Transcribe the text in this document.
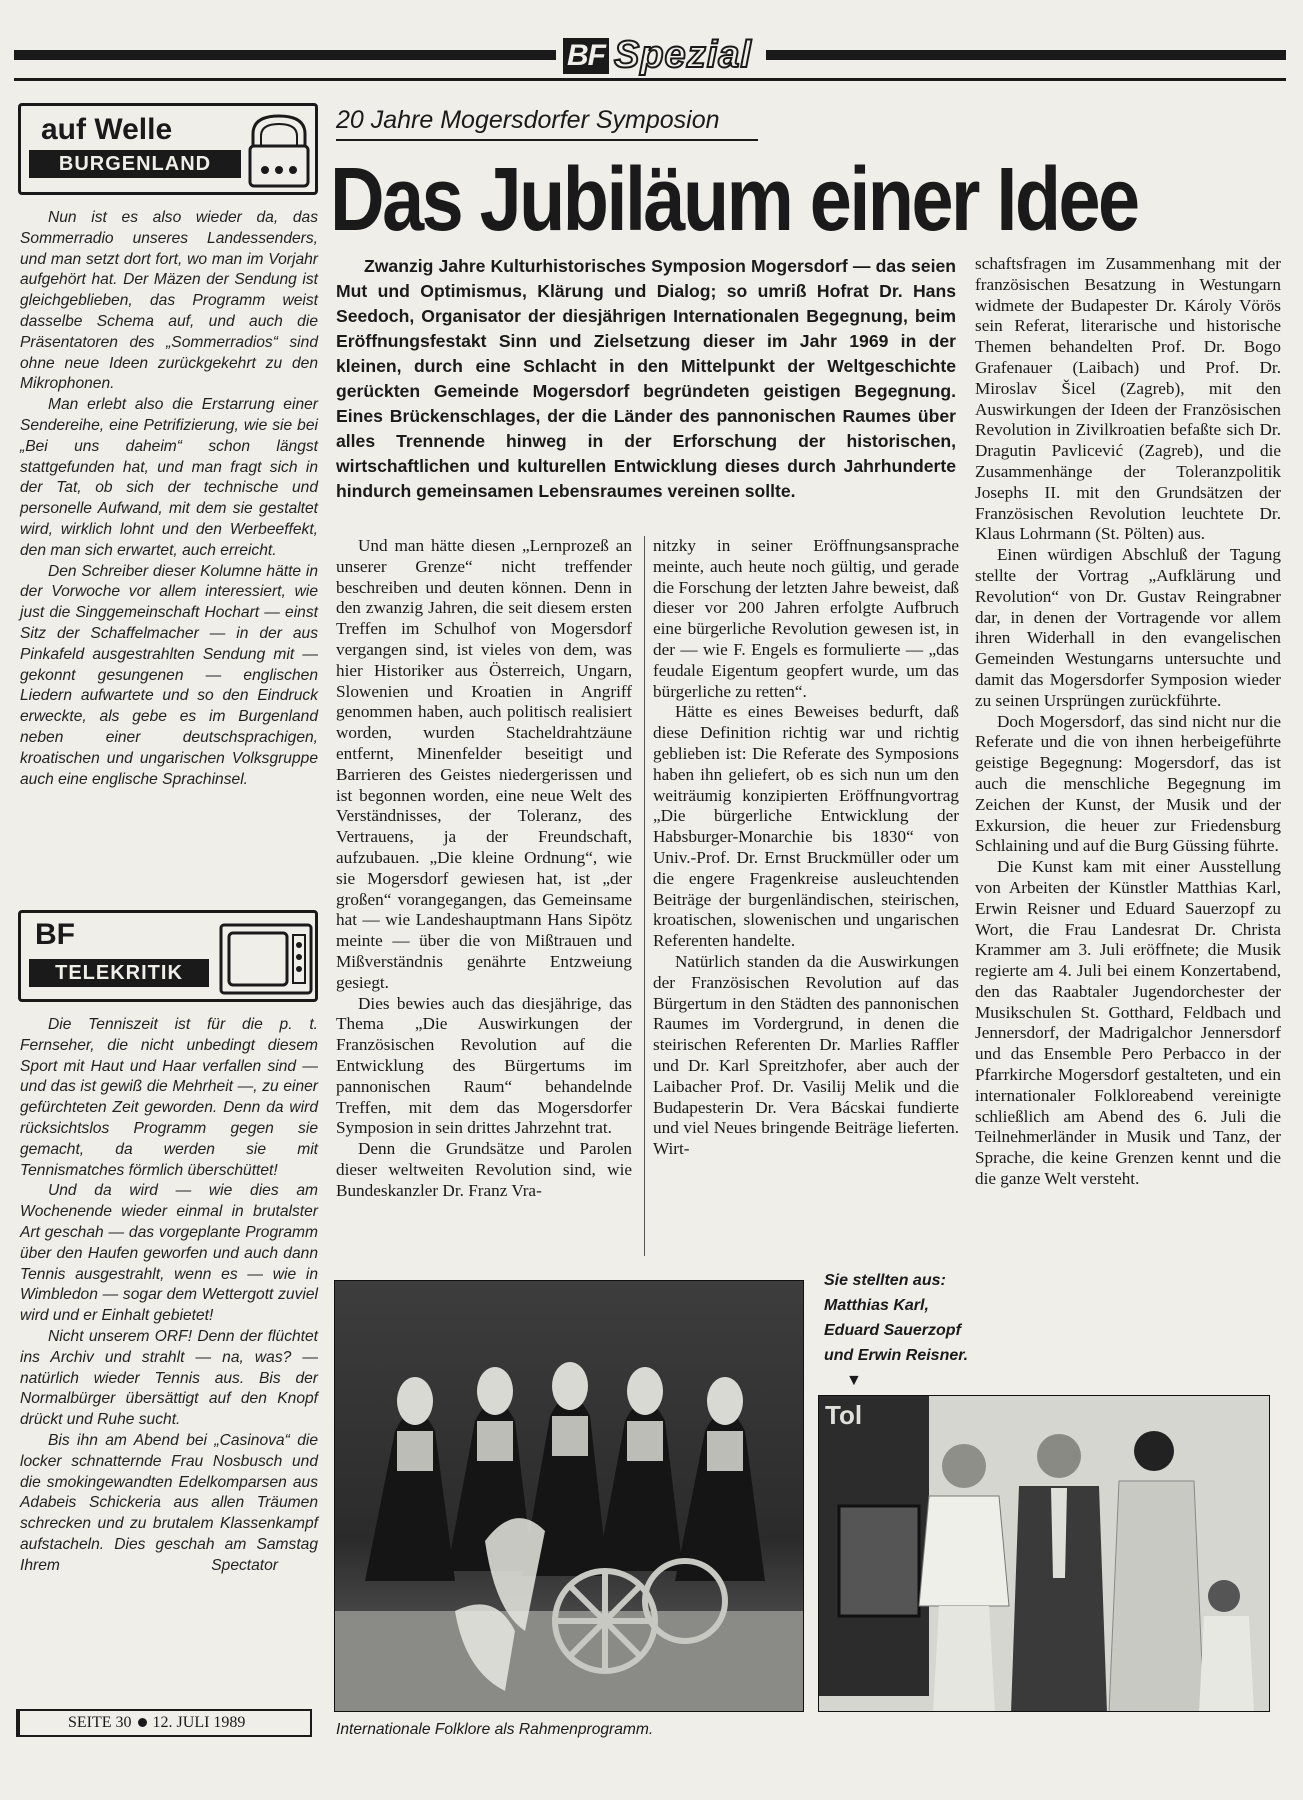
BF Spezial
auf Welle
BURGENLAND

Nun ist es also wieder da, das Sommerradio unseres Landessenders, und man setzt dort fort, wo man im Vorjahr aufgehört hat. Der Mäzen der Sendung ist gleichgeblieben, das Programm weist dasselbe Schema auf, und auch die Präsentatoren des „Sommerradios“ sind ohne neue Ideen zurückgekehrt zu den Mikrophonen.

Man erlebt also die Erstarrung einer Sendereihe, eine Petrifizierung, wie sie bei „Bei uns daheim“ schon längst stattgefunden hat, und man fragt sich in der Tat, ob sich der technische und personelle Aufwand, mit dem sie gestaltet wird, wirklich lohnt und den Werbeeffekt, den man sich erwartet, auch erreicht.

Den Schreiber dieser Kolumne hätte in der Vorwoche vor allem interessiert, wie just die Singgemeinschaft Hochart — einst Sitz der Schaffelmacher — in der aus Pinkafeld ausgestrahlten Sendung mit — gekonnt gesungenen — englischen Liedern aufwartete und so den Eindruck erweckte, als gebe es im Burgenland neben einer deutschsprachigen, kroatischen und ungarischen Volksgruppe auch eine englische Sprachinsel.

BF
TELEKRITIK

Die Tenniszeit ist für die p. t. Fernseher, die nicht unbedingt diesem Sport mit Haut und Haar verfallen sind — und das ist gewiß die Mehrheit —, zu einer gefürchteten Zeit geworden. Denn da wird rücksichtslos Programm gegen sie gemacht, da werden sie mit Tennismatches förmlich überschüttet!

Und da wird — wie dies am Wochenende wieder einmal in brutalster Art geschah — das vorgeplante Programm über den Haufen geworfen und auch dann Tennis ausgestrahlt, wenn es — wie in Wimbledon — sogar dem Wettergott zuviel wird und er Einhalt gebietet!

Nicht unserem ORF! Denn der flüchtet ins Archiv und strahlt — na, was? — natürlich wieder Tennis aus. Bis der Normalbürger übersättigt auf den Knopf drückt und Ruhe sucht.

Bis ihn am Abend bei „Casinova“ die locker schnatternde Frau Nosbusch und die smokingewandten Edelkomparsen aus Adabeis Schickeria aus allen Träumen schrecken und zu brutalem Klassenkampf aufstacheln. Dies geschah am Samstag Ihrem	Spectator
SEITE 30 12. JULI 1989
20 Jahre Mogersdorfer Symposion
Das Jubiläum einer Idee
Zwanzig Jahre Kulturhistorisches Symposion Mogersdorf — das seien Mut und Optimismus, Klärung und Dialog; so umriß Hofrat Dr. Hans Seedoch, Organisator der diesjährigen Internationalen Begegnung, beim Eröffnungsfestakt Sinn und Zielsetzung dieser im Jahr 1969 in der kleinen, durch eine Schlacht in den Mittelpunkt der Weltgeschichte gerückten Gemeinde Mogersdorf begründeten geistigen Begegnung. Eines Brückenschlages, der die Länder des pannonischen Raumes über alles Trennende hinweg in der Erforschung der historischen, wirtschaftlichen und kulturellen Entwicklung dieses durch Jahrhunderte hindurch gemeinsamen Lebensraumes vereinen sollte.

Und man hätte diesen „Lernprozeß an unserer Grenze“ nicht treffender beschreiben und deuten können. Denn in den zwanzig Jahren, die seit diesem ersten Treffen im Schulhof von Mogersdorf vergangen sind, ist vieles von dem, was hier Historiker aus Österreich, Ungarn, Slowenien und Kroatien in Angriff genommen haben, auch politisch realisiert worden, wurden Stacheldrahtzäune entfernt, Minenfelder beseitigt und Barrieren des Geistes niedergerissen und ist begonnen worden, eine neue Welt des Verständnisses, der Toleranz, des Vertrauens, ja der Freundschaft, aufzubauen. „Die kleine Ordnung“, wie sie Mogersdorf gewiesen hat, ist „der großen“ vorangegangen, das Gemeinsame hat — wie Landeshauptmann Hans Sipötz meinte — über die von Mißtrauen und Mißverständnis genährte Entzweiung gesiegt.

Dies bewies auch das diesjährige, das Thema „Die Auswirkungen der Französischen Revolution auf die Entwicklung des Bürgertums im pannonischen Raum“ behandelnde Treffen, mit dem das Mogersdorfer Symposion in sein drittes Jahrzehnt trat.

Denn die Grundsätze und Parolen dieser weltweiten Revolution sind, wie Bundeskanzler Dr. Franz Vra-

nitzky in seiner Eröffnungsansprache meinte, auch heute noch gültig, und gerade die Forschung der letzten Jahre beweist, daß dieser vor 200 Jahren erfolgte Aufbruch eine bürgerliche Revolution gewesen ist, in der — wie F. Engels es formulierte — „das feudale Eigentum geopfert wurde, um das bürgerliche zu retten“.

Hätte es eines Beweises bedurft, daß diese Definition richtig war und richtig geblieben ist: Die Referate des Symposions haben ihn geliefert, ob es sich nun um den weiträumig konzipierten Eröffnungvortrag „Die bürgerliche Entwicklung der Habsburger-Monarchie bis 1830“ von Univ.-Prof. Dr. Ernst Bruckmüller oder um die engere Fragenkreise ausleuchtenden Beiträge der burgenländischen, steirischen, kroatischen, slowenischen und ungarischen Referenten handelte.

Natürlich standen da die Auswirkungen der Französischen Revolution auf das Bürgertum in den Städten des pannonischen Raumes im Vordergrund, in denen die steirischen Referenten Dr. Marlies Raffler und Dr. Karl Spreitzhofer, aber auch der Laibacher Prof. Dr. Vasilij Melik und die Budapesterin Dr. Vera Bácskai fundierte und viel Neues bringende Beiträge lieferten. Wirt-

schaftsfragen im Zusammenhang mit der französischen Besatzung in Westungarn widmete der Budapester Dr. Károly Vörös sein Referat, literarische und historische Themen behandelten Prof. Dr. Bogo Grafenauer (Laibach) und Prof. Dr. Miroslav Šicel (Zagreb), mit den Auswirkungen der Ideen der Französischen Revolution in Zivilkroatien befaßte sich Dr. Dragutin Pavlicević (Zagreb), und die Zusammenhänge der Toleranzpolitik Josephs II. mit den Grundsätzen der Französischen Revolution leuchtete Dr. Klaus Lohrmann (St. Pölten) aus.

Einen würdigen Abschluß der Tagung stellte der Vortrag „Aufklärung und Revolution“ von Dr. Gustav Reingrabner dar, in denen der Vortragende vor allem ihren Widerhall in den evangelischen Gemeinden Westungarns untersuchte und damit das Mogersdorfer Symposion wieder zu seinen Ursprüngen zurückführte.

Doch Mogersdorf, das sind nicht nur die Referate und die von ihnen herbeigeführte geistige Begegnung: Mogersdorf, das ist auch die menschliche Begegnung im Zeichen der Kunst, der Musik und der Exkursion, die heuer zur Friedensburg Schlaining und auf die Burg Güssing führte.

Die Kunst kam mit einer Ausstellung von Arbeiten der Künstler Matthias Karl, Erwin Reisner und Eduard Sauerzopf zu Wort, die Frau Landesrat Dr. Christa Krammer am 3. Juli eröffnete; die Musik regierte am 4. Juli bei einem Konzertabend, den das Raabtaler Jugendorchester der Musikschulen St. Gotthard, Feldbach und Jennersdorf, der Madrigalchor Jennersdorf und das Ensemble Pero Perbacco in der Pfarrkirche Mogersdorf gestalteten, und ein internationaler Folkloreabend vereinigte schließlich am Abend des 6. Juli die Teilnehmerländer in Musik und Tanz, der Sprache, die keine Grenzen kennt und die die ganze Welt versteht.

Sie stellten aus: Matthias Karl, Eduard Sauerzopf und Erwin Reisner. ▼
Tol
Internationale Folklore als Rahmenprogramm.
